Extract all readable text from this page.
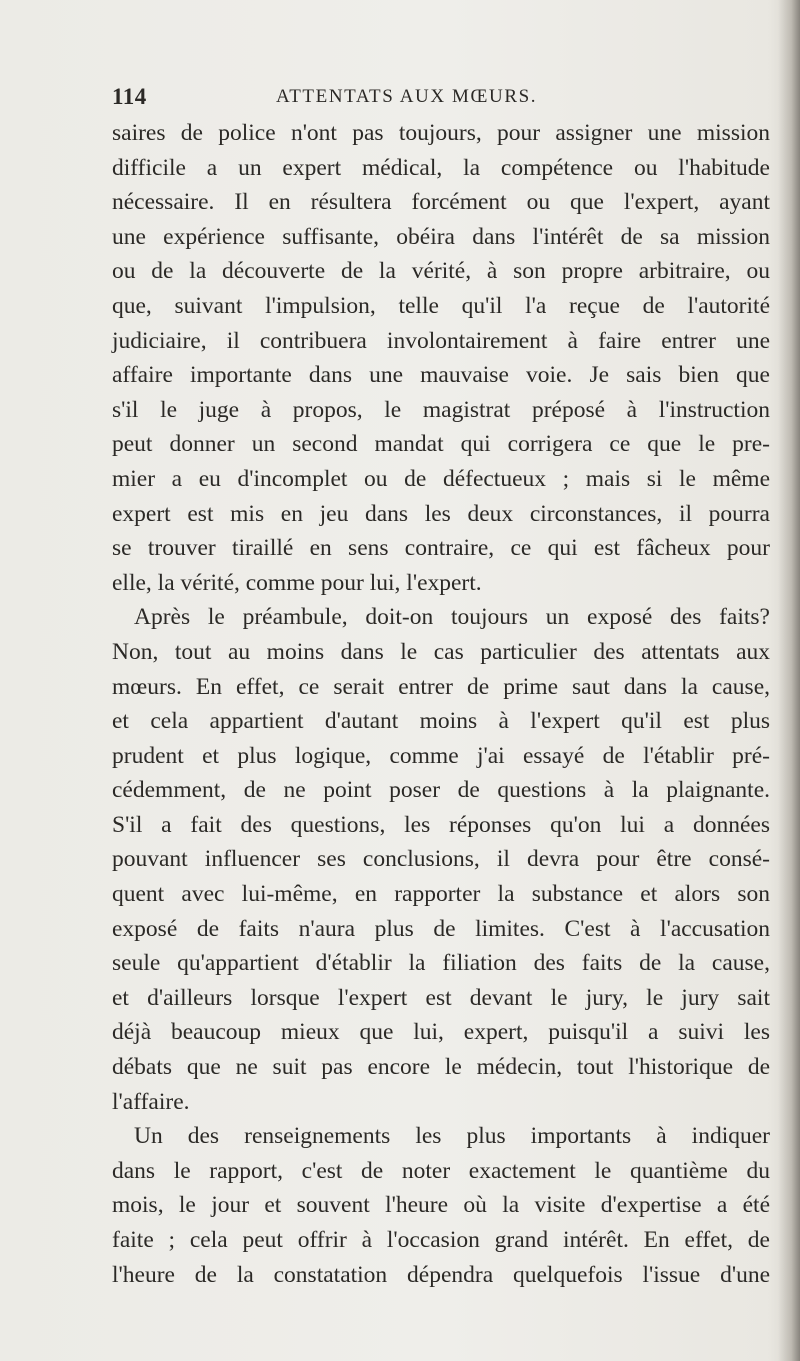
114	ATTENTATS AUX MŒURS.
saires de police n'ont pas toujours, pour assigner une mission
difficile a un expert médical, la compétence ou l'habitude
nécessaire. Il en résultera forcément ou que l'expert, ayant
une expérience suffisante, obéira dans l'intérêt de sa mission
ou de la découverte de la vérité, à son propre arbitraire, ou
que, suivant l'impulsion, telle qu'il l'a reçue de l'autorité
judiciaire, il contribuera involontairement à faire entrer une
affaire importante dans une mauvaise voie. Je sais bien que
s'il le juge à propos, le magistrat préposé à l'instruction
peut donner un second mandat qui corrigera ce que le pre-
mier a eu d'incomplet ou de défectueux ; mais si le même
expert est mis en jeu dans les deux circonstances, il pourra
se trouver tiraillé en sens contraire, ce qui est fâcheux pour
elle, la vérité, comme pour lui, l'expert.
Après le préambule, doit-on toujours un exposé des faits?
Non, tout au moins dans le cas particulier des attentats aux
mœurs. En effet, ce serait entrer de prime saut dans la cause,
et cela appartient d'autant moins à l'expert qu'il est plus
prudent et plus logique, comme j'ai essayé de l'établir pré-
cédemment, de ne point poser de questions à la plaignante.
S'il a fait des questions, les réponses qu'on lui a données
pouvant influencer ses conclusions, il devra pour être consé-
quent avec lui-même, en rapporter la substance et alors son
exposé de faits n'aura plus de limites. C'est à l'accusation
seule qu'appartient d'établir la filiation des faits de la cause,
et d'ailleurs lorsque l'expert est devant le jury, le jury sait
déjà beaucoup mieux que lui, expert, puisqu'il a suivi les
débats que ne suit pas encore le médecin, tout l'historique de
l'affaire.
Un des renseignements les plus importants à indiquer
dans le rapport, c'est de noter exactement le quantième du
mois, le jour et souvent l'heure où la visite d'expertise a été
faite ; cela peut offrir à l'occasion grand intérêt. En effet, de
l'heure de la constatation dépendra quelquefois l'issue d'une
